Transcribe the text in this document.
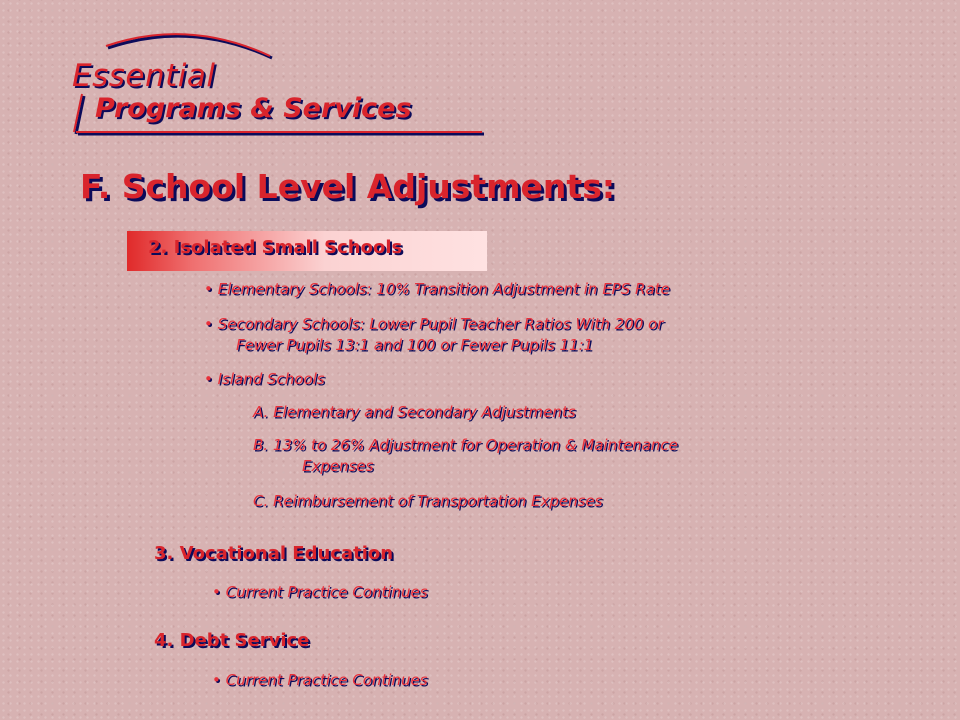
Essential
Programs & Services
F. School Level Adjustments:
2. Isolated Small Schools
• Elementary Schools: 10% Transition Adjustment in EPS Rate
• Secondary Schools: Lower Pupil Teacher Ratios With 200 or
Fewer Pupils 13:1 and 100 or Fewer Pupils 11:1
• Island Schools
A. Elementary and Secondary Adjustments
B. 13% to 26% Adjustment for Operation & Maintenance
Expenses
C. Reimbursement of Transportation Expenses
3. Vocational Education
• Current Practice Continues
4. Debt Service
• Current Practice Continues
